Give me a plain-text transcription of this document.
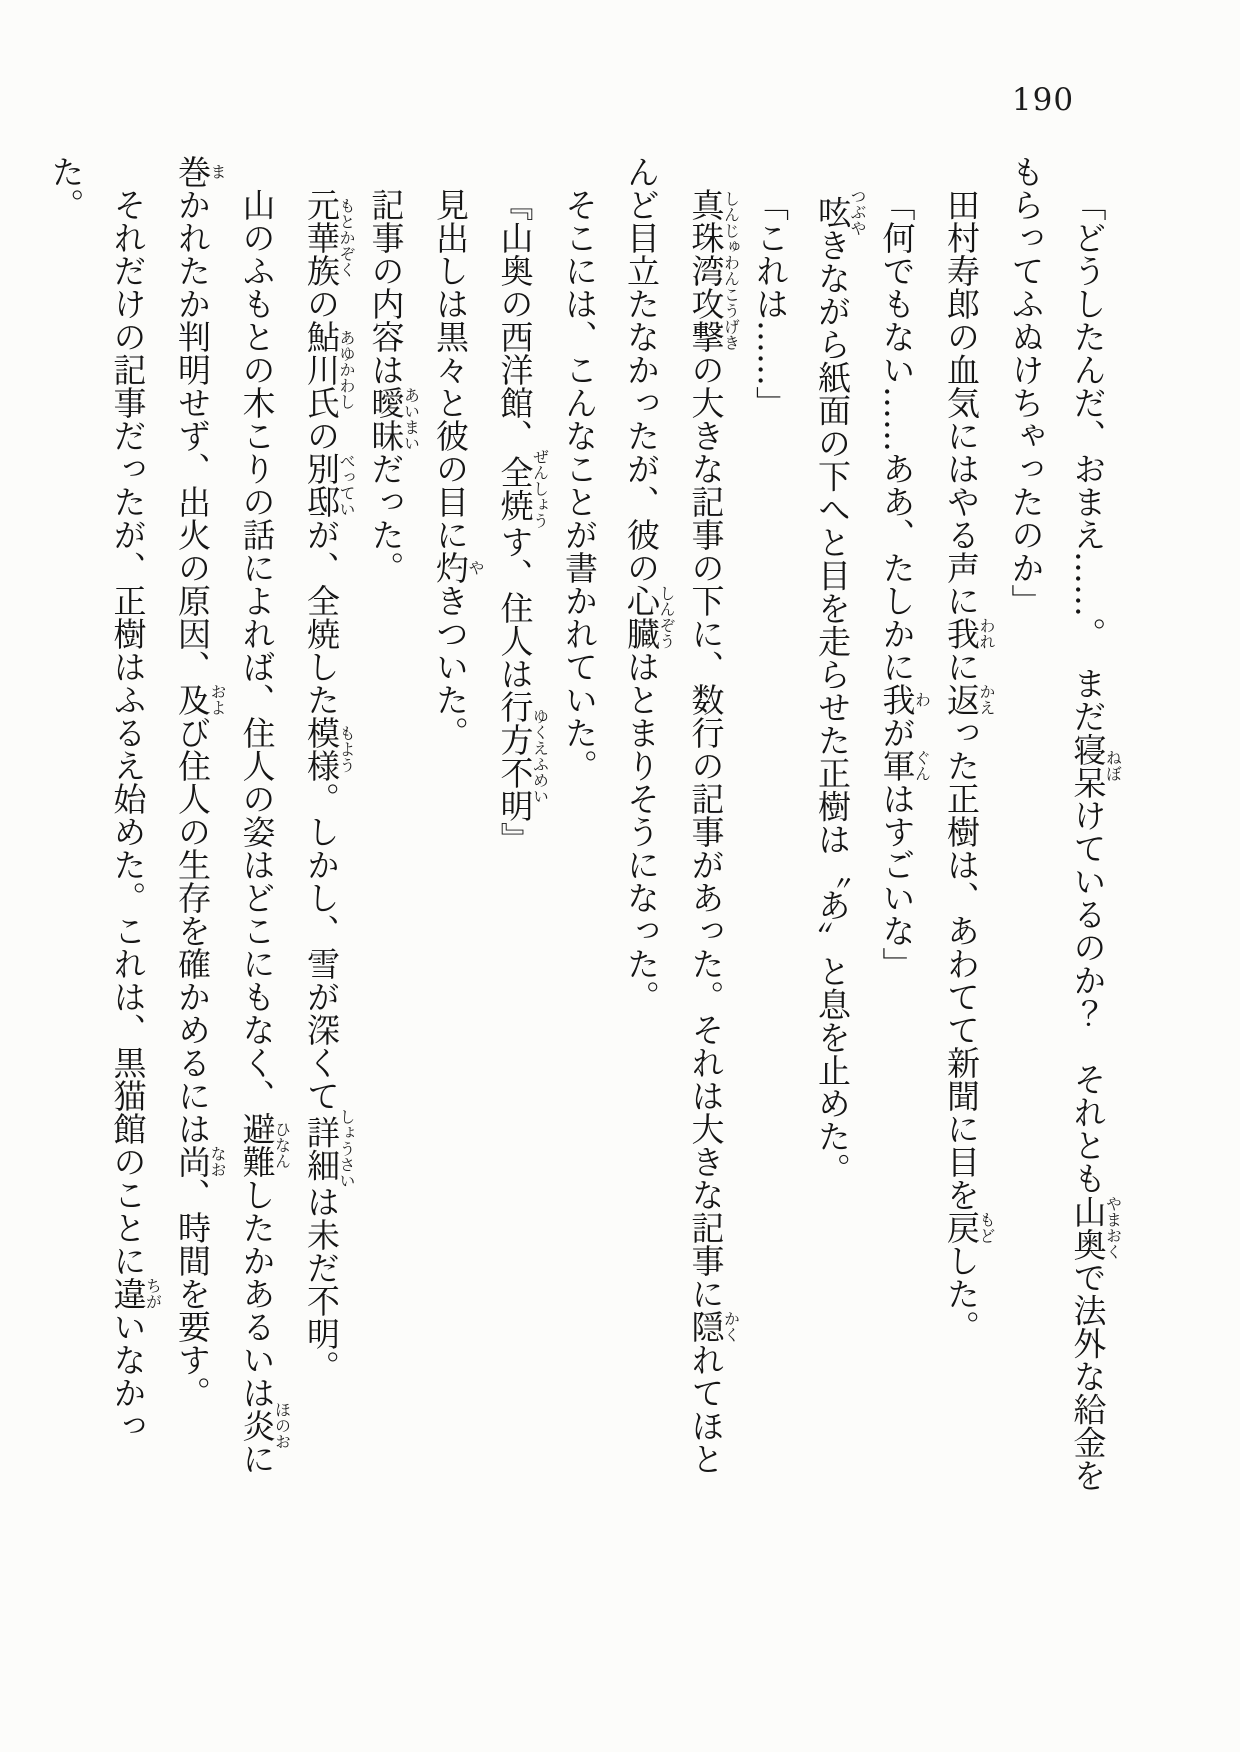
190

「どうしたんだ、おまえ……。　まだ寝呆ねぼけているのか？　それとも山奥やまおくで法外な給金を

もらってふぬけちゃったのか」

田村寿郎の血気にはやる声に我われに返かえった正樹は、あわてて新聞に目を戻もどした。

「何でもない……ああ、たしかに我わが軍ぐんはすごいな」

呟つぶやきながら紙面の下へと目を走らせた正樹は〝あ〞と息を止めた。

「これは……」

真珠湾攻撃しんじゅわんこうげきの大きな記事の下に、数行の記事があった。それは大きな記事に隠かくれてほと

んど目立たなかったが、彼の心臓しんぞうはとまりそうになった。

そこには、こんなことが書かれていた。

『山奥の西洋館、全焼ぜんしょうす、住人は行方不明ゆくえふめい』

見出しは黒々と彼の目に灼やきついた。

記事の内容は曖昧あいまいだった。

元華族もとかぞくの鮎川氏あゆかわしの別邸べっていが、全焼した模様もよう。しかし、雪が深くて詳細しょうさいは未だ不明。

山のふもとの木こりの話によれば、住人の姿はどこにもなく、避難ひなんしたかあるいは炎ほのおに

巻まかれたか判明せず、出火の原因、及および住人の生存を確かめるには尚なお、時間を要す。

それだけの記事だったが、正樹はふるえ始めた。これは、黒猫館のことに違ちがいなかった。
